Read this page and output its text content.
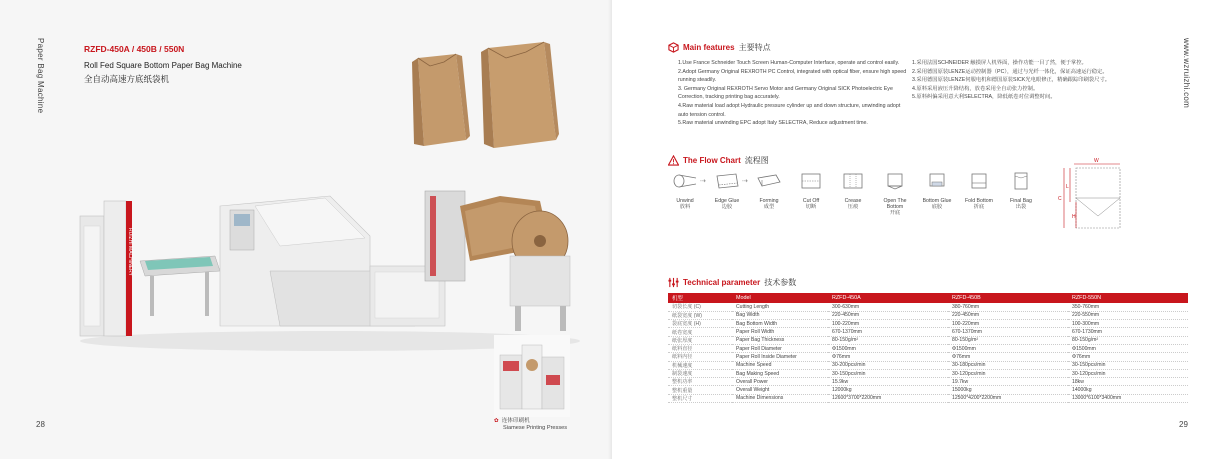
Paper Bag Machine
28
RZFD-450A / 450B / 550N
Roll Fed Square Bottom Paper Bag Machine
全自动高速方底纸袋机
RUIZHI MACHINERY
✿ 连体印刷机
Siamese Printing Presses
www.wzruizhi.com
29
Main features 主要特点
1.Use France Schneider Touch Screen Human-Computer Interface, operate and control easily.
2.Adopt Germany Original REXROTH PC Control, integrated with optical fiber, ensure high speed running steadily.
3. Germany Original REXROTH Servo Motor and Germany Original SICK Photoelectric Eye Correction, tracking printing bag accurately.
4.Raw material load adopt Hydraulic pressure cylinder up and down structure, unwinding adopt auto tension control.
5.Raw material unwinding EPC adopt Italy SELECTRA, Reduce adjustment time.
1.采用法国SCHNEIDER 触摸屏人机界面，操作功能一目了然，便于掌控。
2.采用德国原装LENZE运动控制器（PC），通过与光纤一体化，保证高速运行稳定。
3.采用德国原装LENZE伺服电机和德国原装SICK光电眼修正，精确跟踪印刷袋尺寸。
4.原料采用液压升降结构，放卷采用全自动张力控制。
5.原料纠偏采用意大利SELECTRA，降低纸卷对位调整时间。
The Flow Chart 流程图
Unwind
放料
⇢
Edge Glue
边胶
⇢
Forming
成型
Cut Off
切断
Crease
压痕
Open The Bottom
开底
Bottom Glue
底胶
Fold Bottom
折底
Final Bag
出袋
W
C
L
H
Technical parameter 技术参数
机型	Model	RZFD-450A	RZFD-450B	RZFD-550N
切袋长度 (C)	Cutting Length	300-630mm	380-760mm	350-760mm
纸袋宽度 (W)	Bag Width	220-450mm	220-450mm	220-550mm
袋底宽度 (H)	Bag Bottom Width	100-220mm	100-220mm	100-300mm
纸卷宽度	Paper Roll Width	670-1370mm	670-1370mm	670-1730mm
纸张厚度	Paper Bag Thickness	80-150g/m²	80-150g/m²	80-150g/m²
纸料直径	Paper Roll Diameter	Φ1500mm	Φ1500mm	Φ1500mm
纸料内径	Paper Roll Inside Diameter	Φ76mm	Φ76mm	Φ76mm
机械速度	Machine Speed	30-200pcs/min	30-180pcs/min	30-150pcs/min
制袋速度	Bag Making Speed	30-150pcs/min	30-120pcs/min	30-120pcs/min
整机功率	Overall Power	15.9kw	19.7kw	18kw
整机重量	Overall Weight	12000kg	15000kg	14000kg
整机尺寸	Machine Dimensions	12600*3700*2200mm	12500*4200*2200mm	13000*6100*3400mm
